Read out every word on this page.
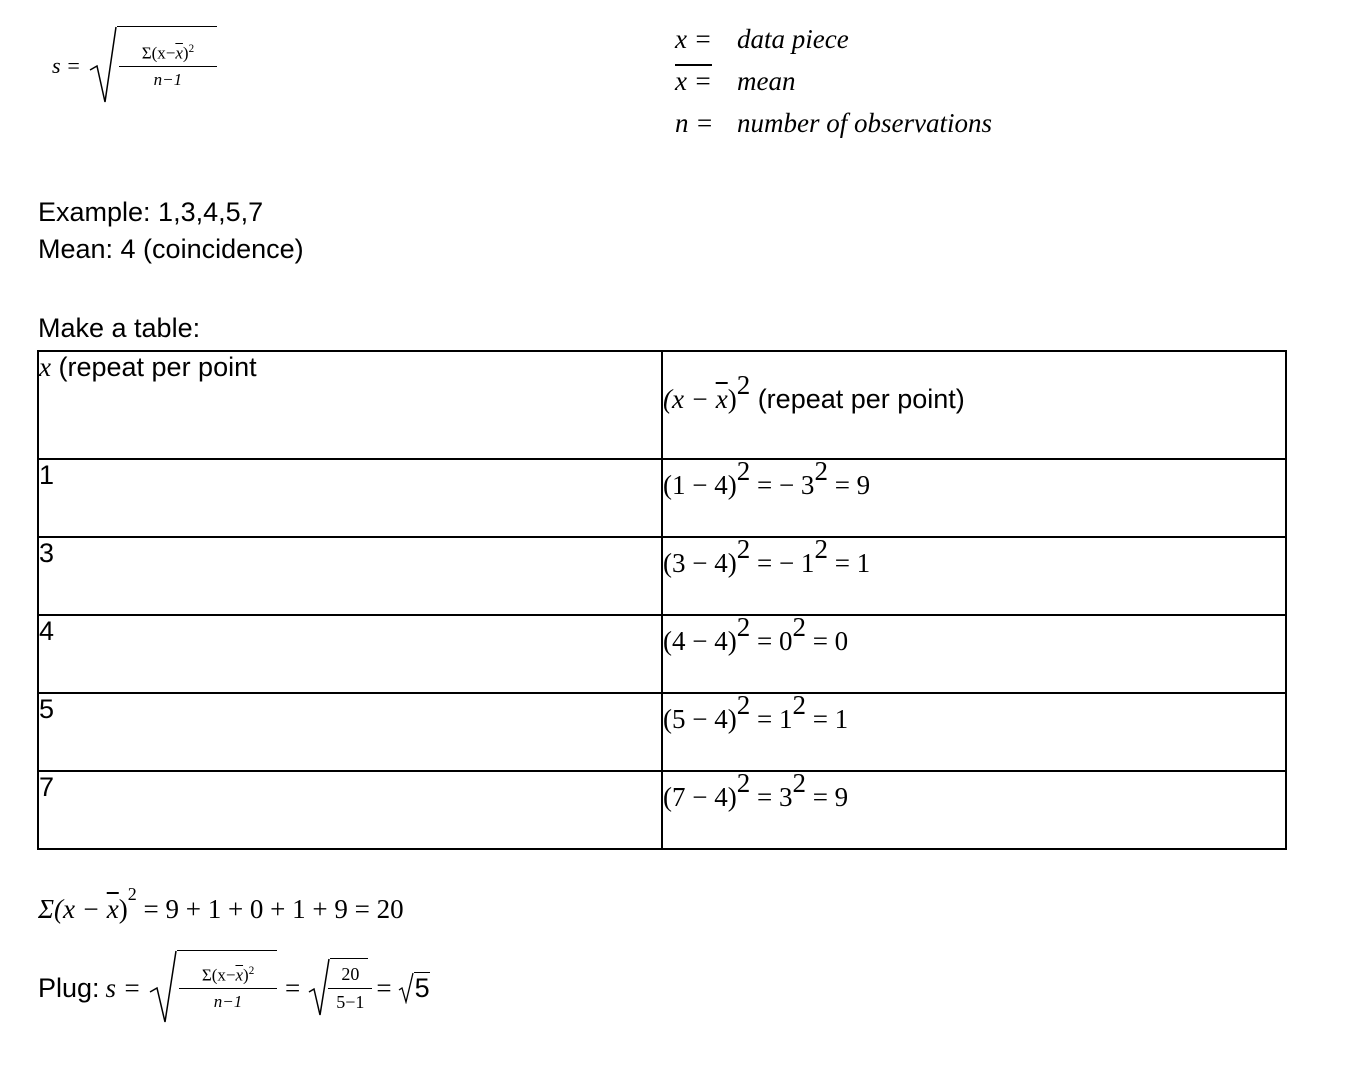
$s = \frac{\Sigma(x-\overline{x})^2}{n-1}$
x = data piece
x = mean
n = number of observations
Example: 1,3,4,5,7
Mean: 4 (coincidence)
Make a table:
x (repeat per point	$(x - \overline{x})^2$ (repeat per point)
1	$(1 - 4)^2$ = − $3^2 = 9$
3	$(3 - 4)^2$ = − $1^2 = 1$
4	$(4 - 4)^2 = 0^2 = 0$
5	$(5 - 4)^2 = 1^2 = 1$
7	$(7 - 4)^2 = 3^2 = 9$
$\Sigma(x - \overline{x})^2 = 9 + 1 + 0 + 1 + 9 = 20$
Plug: $s = \frac{\Sigma(x-\overline{x})^2}{n-1} = \frac{20}{5-1} = 5$
